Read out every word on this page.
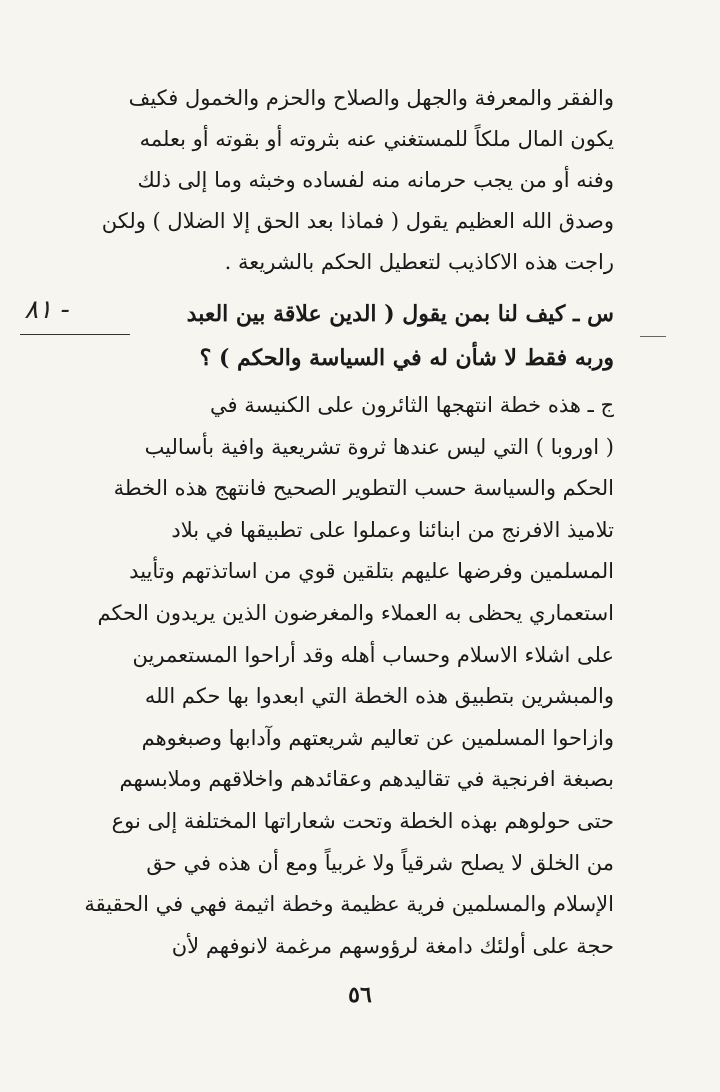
والفقر والمعرفة والجهل والصلاح والحزم والخمول فكيف
يكون المال ملكاً للمستغني عنه بثروته أو بقوته أو بعلمه
وفنه أو من يجب حرمانه منه لفساده وخبثه وما إلى ذلك
وصدق الله العظيم يقول ( فماذا بعد الحق إلا الضلال ) ولكن
راجت هذه الاكاذيب لتعطيل الحكم بالشريعة .
٨١ -	س ـ كيف لنا بمن يقول ( الدين علاقة بين العبد
وربه فقط لا شأن له في السياسة والحكم ) ؟
ج ـ هذه خطة انتهجها الثائرون على الكنيسة في
( اوروبا ) التي ليس عندها ثروة تشريعية وافية بأساليب
الحكم والسياسة حسب التطوير الصحيح فانتهج هذه الخطة
تلاميذ الافرنج من ابنائنا وعملوا على تطبيقها في بلاد
المسلمين وفرضها عليهم بتلقين قوي من اساتذتهم وتأييد
استعماري يحظى به العملاء والمغرضون الذين يريدون الحكم
على اشلاء الاسلام وحساب أهله وقد أراحوا المستعمرين
والمبشرين بتطبيق هذه الخطة التي ابعدوا بها حكم الله
وازاحوا المسلمين عن تعاليم شريعتهم وآدابها وصبغوهم
بصبغة افرنجية في تقاليدهم وعقائدهم واخلاقهم وملابسهم
حتى حولوهم بهذه الخطة وتحت شعاراتها المختلفة إلى نوع
من الخلق لا يصلح شرقياً ولا غربياً ومع أن هذه في حق
الإسلام والمسلمين فرية عظيمة وخطة اثيمة فهي في الحقيقة
حجة على أولئك دامغة لرؤوسهم مرغمة لانوفهم لأن
٥٦
